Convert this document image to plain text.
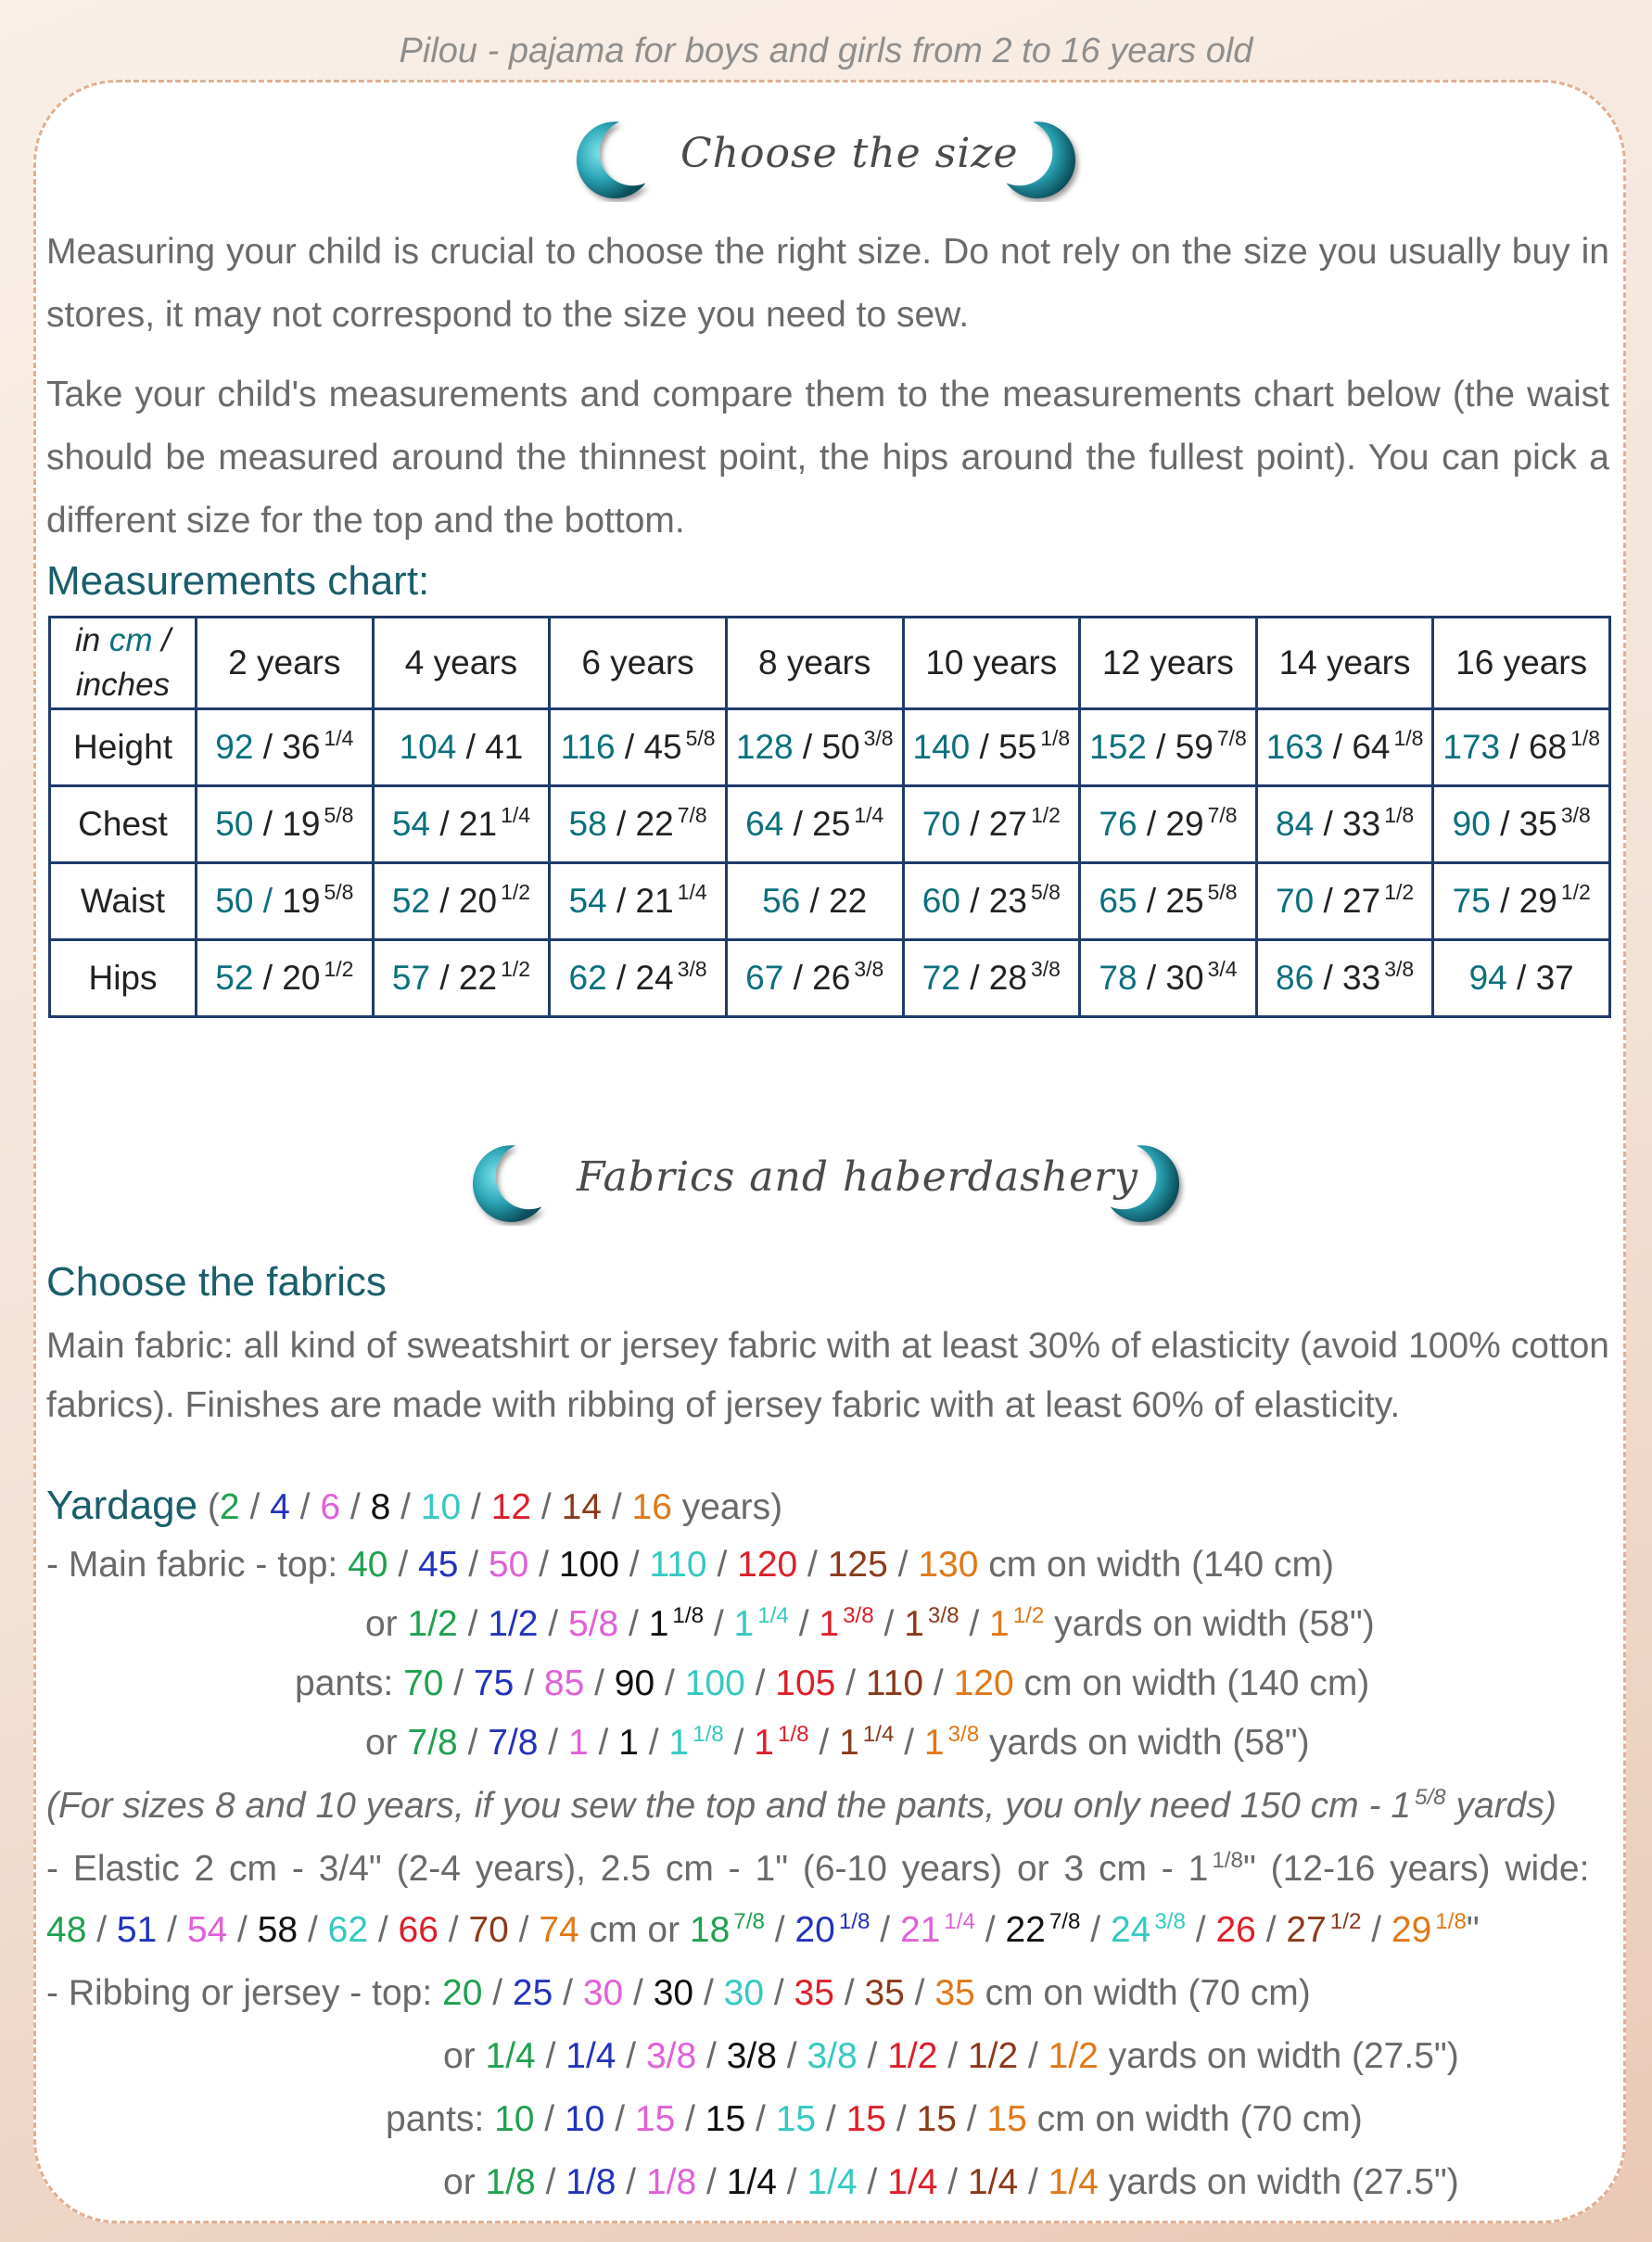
Pilou - pajama for boys and girls from 2 to 16 years old
Choose the size
Measuring your child is crucial to choose the right size. Do not rely on the size you usually buy in stores, it may not correspond to the size you need to sew.
Take your child's measurements and compare them to the measurements chart below (the waist should be measured around the thinnest point, the hips around the fullest point). You can pick a different size for the top and the bottom.
Measurements chart:
in cm /
inches	2 years	4 years	6 years	8 years	10 years	12 years	14 years	16 years
Height	92 / 36 $^{1/4}$	104 / 41	116 / 45 $^{5/8}$	128 / 50 $^{3/8}$	140 / 55 $^{1/8}$	152 / 59 $^{7/8}$	163 / 64 $^{1/8}$	173 / 68 $^{1/8}$
Chest	50 / 19 $^{5/8}$	54 / 21 $^{1/4}$	58 / 22 $^{7/8}$	64 / 25 $^{1/4}$	70 / 27 $^{1/2}$	76 / 29 $^{7/8}$	84 / 33 $^{1/8}$	90 / 35 $^{3/8}$
Waist	50 / 19 $^{5/8}$	52 / 20 $^{1/2}$	54 / 21 $^{1/4}$	56 / 22	60 / 23 $^{5/8}$	65 / 25 $^{5/8}$	70 / 27 $^{1/2}$	75 / 29 $^{1/2}$
Hips	52 / 20 $^{1/2}$	57 / 22 $^{1/2}$	62 / 24 $^{3/8}$	67 / 26 $^{3/8}$	72 / 28 $^{3/8}$	78 / 30 $^{3/4}$	86 / 33 $^{3/8}$	94 / 37
Fabrics and haberdashery
Choose the fabrics
Main fabric: all kind of sweatshirt or jersey fabric with at least 30% of elasticity (avoid 100% cotton fabrics). Finishes are made with ribbing of jersey fabric with at least 60% of elasticity.
Yardage (2 / 4 / 6 / 8 / 10 / 12 / 14 / 16 years)
- Main fabric - top: 40 / 45 / 50 / 100 / 110 / 120 / 125 / 130 cm on width (140 cm)
or 1/2 / 1/2 / 5/8 / 1 $^{1/8}$ / 1 $^{1/4}$ / 1 $^{3/8}$ / 1 $^{3/8}$ / 1 $^{1/2}$ yards on width (58")
pants: 70 / 75 / 85 / 90 / 100 / 105 / 110 / 120 cm on width (140 cm)
or 7/8 / 7/8 / 1 / 1 / 1 $^{1/8}$ / 1 $^{1/8}$ / 1 $^{1/4}$ / 1 $^{3/8}$ yards on width (58")
(For sizes 8 and 10 years, if you sew the top and the pants, you only need 150 cm - 1 $^{5/8}$ yards)
- Elastic 2 cm - 3/4" (2-4 years), 2.5 cm - 1" (6-10 years) or 3 cm - 1 $^{1/8}$" (12-16 years) wide:
48 / 51 / 54 / 58 / 62 / 66 / 70 / 74 cm or 18 $^{7/8}$ / 20 $^{1/8}$ / 21 $^{1/4}$ / 22 $^{7/8}$ / 24 $^{3/8}$ / 26 / 27 $^{1/2}$ / 29 $^{1/8}$"
- Ribbing or jersey - top: 20 / 25 / 30 / 30 / 30 / 35 / 35 / 35 cm on width (70 cm)
or 1/4 / 1/4 / 3/8 / 3/8 / 3/8 / 1/2 / 1/2 / 1/2 yards on width (27.5")
pants: 10 / 10 / 15 / 15 / 15 / 15 / 15 / 15 cm on width (70 cm)
or 1/8 / 1/8 / 1/8 / 1/4 / 1/4 / 1/4 / 1/4 / 1/4 yards on width (27.5")
